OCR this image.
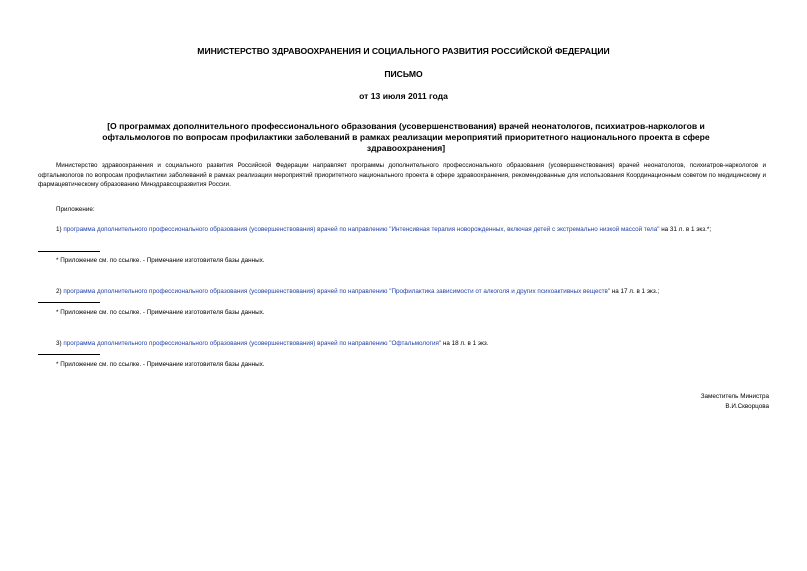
МИНИСТЕРСТВО ЗДРАВООХРАНЕНИЯ И СОЦИАЛЬНОГО РАЗВИТИЯ РОССИЙСКОЙ ФЕДЕРАЦИИ
ПИСЬМО
от 13 июля 2011 года
[О программах дополнительного профессионального образования (усовершенствования) врачей неонатологов, психиатров-наркологов и офтальмологов по вопросам профилактики заболеваний в рамках реализации мероприятий приоритетного национального проекта в сфере здравоохранения]
Министерство здравоохранения и социального развития Российской Федерации направляет программы дополнительного профессионального образования (усовершенствования) врачей неонатологов, психиатров-наркологов и офтальмологов по вопросам профилактики заболеваний в рамках реализации мероприятий приоритетного национального проекта в сфере здравоохранения, рекомендованные для использования Координационным советом по медицинскому и фармацевтическому образованию Минздравсоцразвития России.
Приложение:
1) программа дополнительного профессионального образования (усовершенствования) врачей по направлению "Интенсивная терапия новорожденных, включая детей с экстремально низкой массой тела" на 31 л. в 1 экз.*;
* Приложение см. по ссылке. - Примечание изготовителя базы данных.
2) программа дополнительного профессионального образования (усовершенствования) врачей по направлению "Профилактика зависимости от алкоголя и других психоактивных веществ" на 17 л. в 1 экз.;
* Приложение см. по ссылке. - Примечание изготовителя базы данных.
3) программа дополнительного профессионального образования (усовершенствования) врачей по направлению "Офтальмология" на 18 л. в 1 экз.
* Приложение см. по ссылке. - Примечание изготовителя базы данных.
Заместитель Министра
В.И.Скворцова
